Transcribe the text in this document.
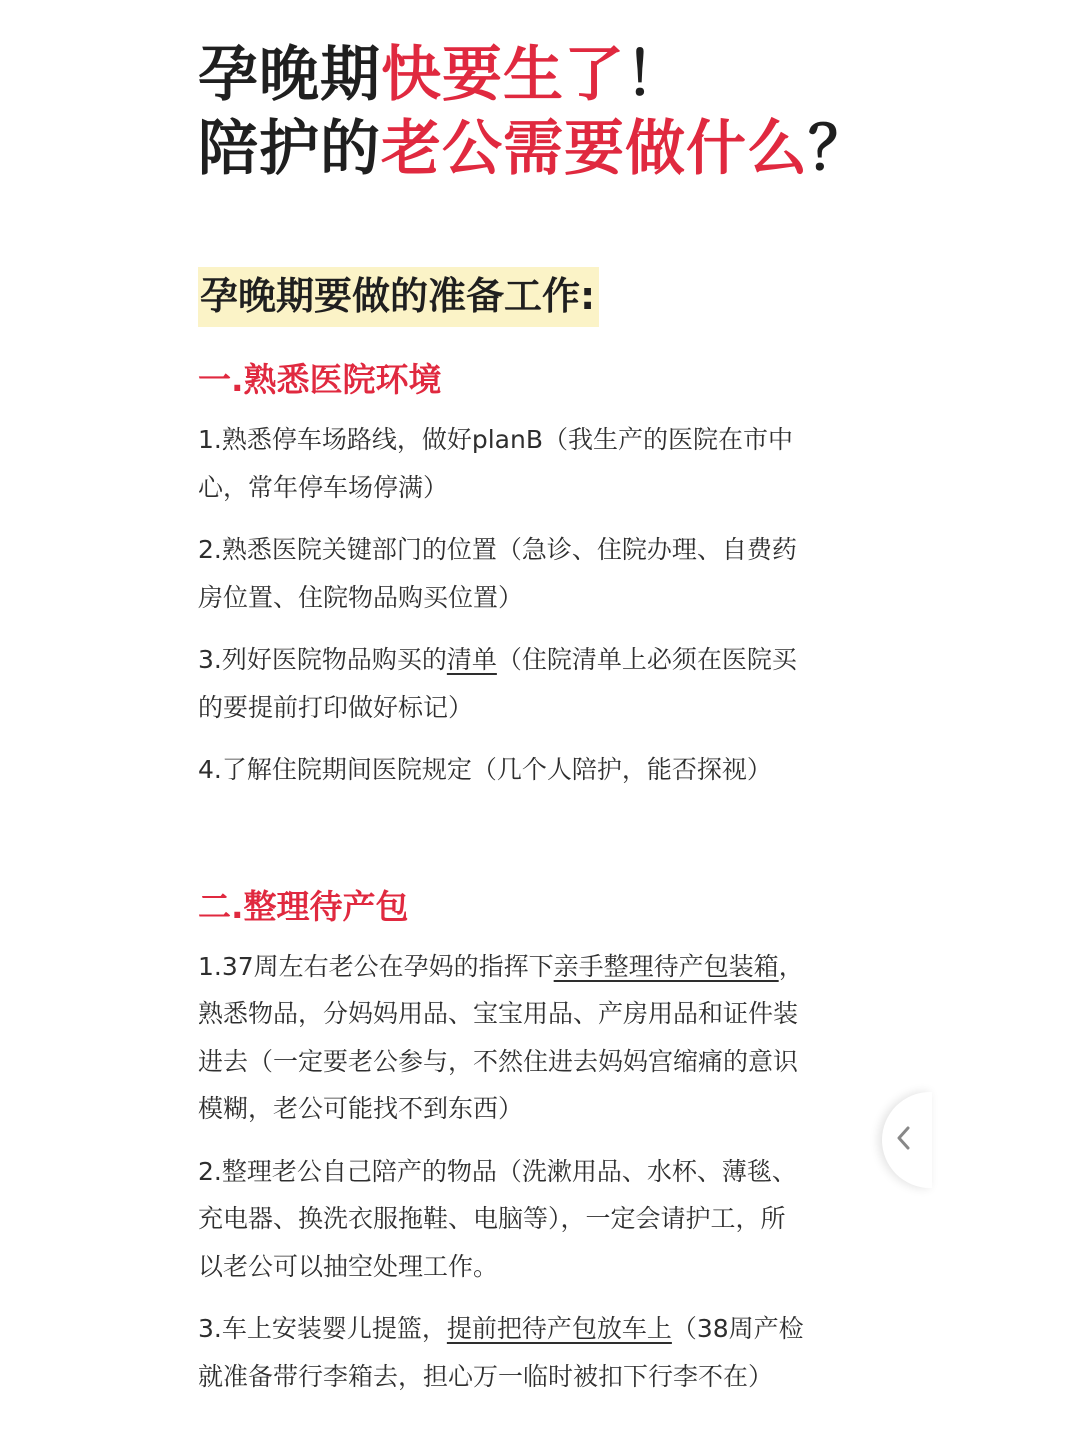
孕晚期快要生了！
陪护的老公需要做什么？
孕晚期要做的准备工作:
一.熟悉医院环境
1.熟悉停车场路线，做好planB（我生产的医院在市中
心，常年停车场停满）
2.熟悉医院关键部门的位置（急诊、住院办理、自费药
房位置、住院物品购买位置）
3.列好医院物品购买的清单（住院清单上必须在医院买
的要提前打印做好标记）
4.了解住院期间医院规定（几个人陪护，能否探视）
二.整理待产包
1.37周左右老公在孕妈的指挥下亲手整理待产包装箱，
熟悉物品，分妈妈用品、宝宝用品、产房用品和证件装
进去（一定要老公参与，不然住进去妈妈宫缩痛的意识
模糊，老公可能找不到东西）
2.整理老公自己陪产的物品（洗漱用品、水杯、薄毯、
充电器、换洗衣服拖鞋、电脑等），一定会请护工，所
以老公可以抽空处理工作。
3.车上安装婴儿提篮，提前把待产包放车上（38周产检
就准备带行李箱去，担心万一临时被扣下行李不在）
